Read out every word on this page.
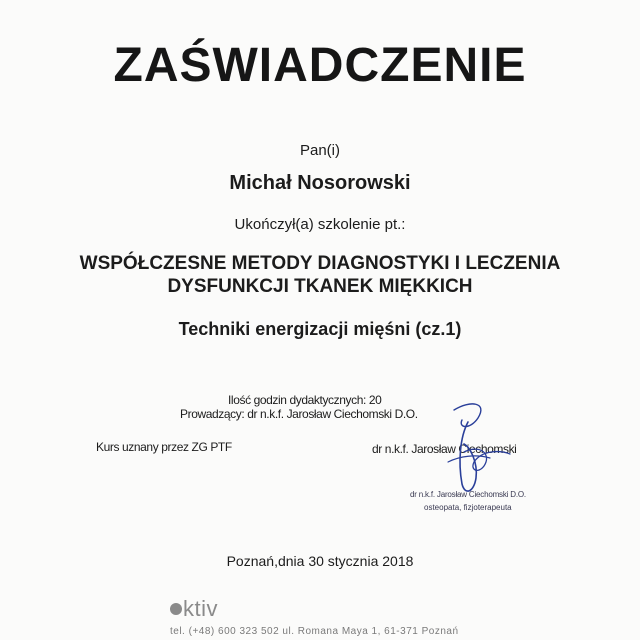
ZAŚWIADCZENIE
Pan(i)
Michał Nosorowski
Ukończył(a) szkolenie pt.:
WSPÓŁCZESNE METODY DIAGNOSTYKI I LECZENIA
DYSFUNKCJI TKANEK MIĘKKICH
Techniki energizacji mięśni (cz.1)
Ilość godzin dydaktycznych: 20
Prowadzący: dr n.k.f. Jarosław Ciechomski D.O.
Kurs uznany przez ZG PTF	dr n.k.f. Jarosław Ciechomski
dr n.k.f. Jarosław Ciechomski D.O.
osteopata, fizjoterapeuta
Poznań,dnia 30 stycznia 2018
ktiv
tel. (+48) 600 323 502 ul. Romana Maya 1, 61-371 Poznań
